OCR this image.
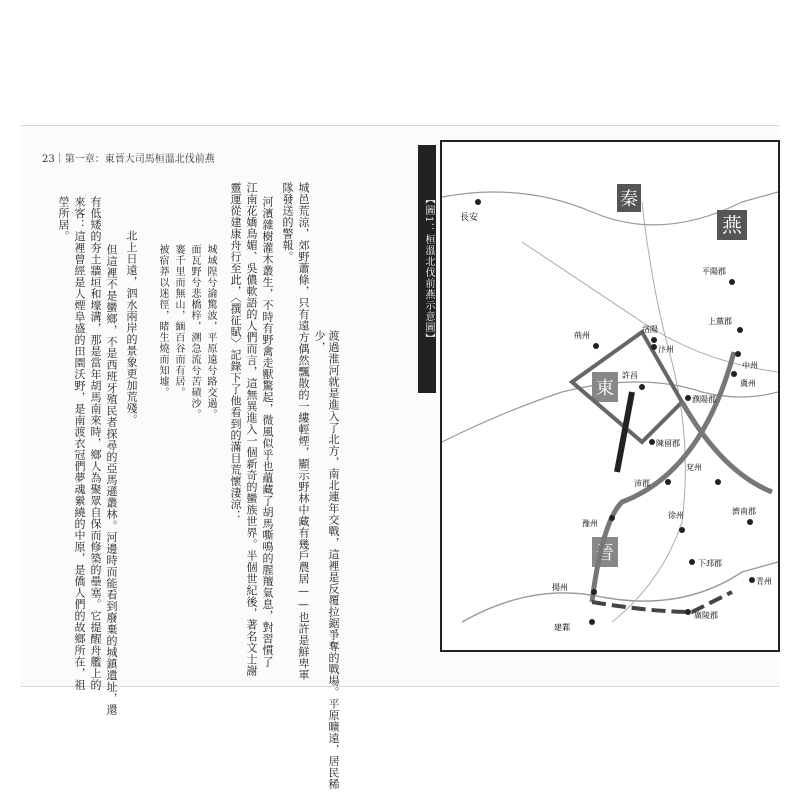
23｜第一章：東晉大司馬桓溫北伐前燕
渡過淮河就是進入了北方，南北連年交戰，這裡是反覆拉鋸爭奪的戰場。平原曠遠，居民稀少，
城邑荒涼，郊野蕭條，只有遠方偶然飄散的一縷輕煙，顯示野林中藏有幾戶農居——也許是鮮卑軍
隊發送的警報。
河濱雜樹灌木叢生，不時有野禽走獸驚起，微風似乎也蘊藏了胡馬嘶鳴的腥羶氣息，對習慣了
江南花嬌鳥媚、吳儂軟語的人們而言，這無異進入一個新奇的蠻族世界。半個世紀後，著名文士謝
靈運從建康舟行至此，〈撰征賦〉記錄下了他看到的滿目荒懷淒涼：
城域隍兮淪驚波，平原遠兮路交過。
面瓦野兮悲橋梓，溯急流兮苦磧沙。
褰千里而無山，緬百谷而有居。
被宿莽以迷徑，睹生燒而知墟。
北上日遠，泗水兩岸的景象更加荒殘。
但這裡不是蠻鄉，不是西班牙殖民者探尋的亞馬遜叢林。河邊時而能看到廢棄的城鎮遺址，還
有低矮的夯土牆垣和壕溝，那是當年胡馬南來時，鄉人為聚眾自保而修築的壘塞。它提醒舟艦上的
來客：這裡曾經是人煙阜盛的田園沃野，是南渡衣冠們夢魂縈繞的中原，是僑人們的故鄉所在，祖
塋所居。	【圖1：桓溫北伐前燕示意圖】	燕
秦
東
晉
長安
平陽郡
上黨郡
中州
冀州
兗州
汴州
洛陽
許昌
荊州
豫州
徐州
揚州
廣陵郡
下邳郡
陳留郡
沛郡
濮陽郡
建鄴
青州
濟南郡
